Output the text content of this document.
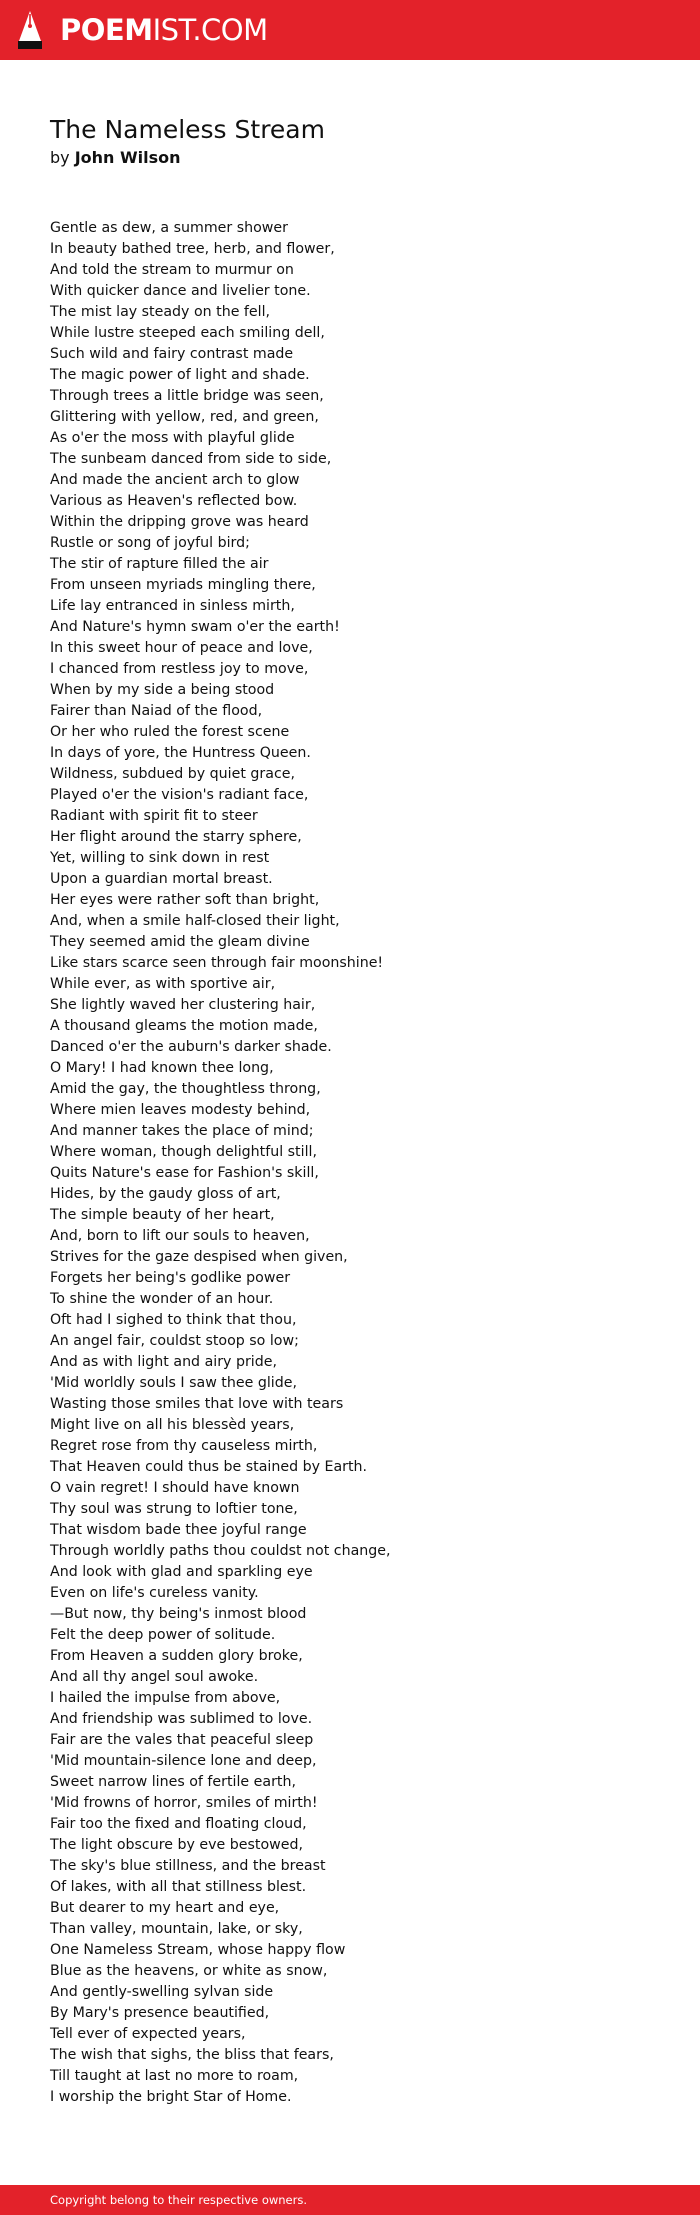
POEMIST.COM
The Nameless Stream
by John Wilson
Gentle as dew, a summer shower
In beauty bathed tree, herb, and flower,
And told the stream to murmur on
With quicker dance and livelier tone.
The mist lay steady on the fell,
While lustre steeped each smiling dell,
Such wild and fairy contrast made
The magic power of light and shade.
Through trees a little bridge was seen,
Glittering with yellow, red, and green,
As o'er the moss with playful glide
The sunbeam danced from side to side,
And made the ancient arch to glow
Various as Heaven's reflected bow.
Within the dripping grove was heard
Rustle or song of joyful bird;
The stir of rapture filled the air
From unseen myriads mingling there,
Life lay entranced in sinless mirth,
And Nature's hymn swam o'er the earth!
In this sweet hour of peace and love,
I chanced from restless joy to move,
When by my side a being stood
Fairer than Naiad of the flood,
Or her who ruled the forest scene
In days of yore, the Huntress Queen.
Wildness, subdued by quiet grace,
Played o'er the vision's radiant face,
Radiant with spirit fit to steer
Her flight around the starry sphere,
Yet, willing to sink down in rest
Upon a guardian mortal breast.
Her eyes were rather soft than bright,
And, when a smile half-closed their light,
They seemed amid the gleam divine
Like stars scarce seen through fair moonshine!
While ever, as with sportive air,
She lightly waved her clustering hair,
A thousand gleams the motion made,
Danced o'er the auburn's darker shade.
O Mary! I had known thee long,
Amid the gay, the thoughtless throng,
Where mien leaves modesty behind,
And manner takes the place of mind;
Where woman, though delightful still,
Quits Nature's ease for Fashion's skill,
Hides, by the gaudy gloss of art,
The simple beauty of her heart,
And, born to lift our souls to heaven,
Strives for the gaze despised when given,
Forgets her being's godlike power
To shine the wonder of an hour.
Oft had I sighed to think that thou,
An angel fair, couldst stoop so low;
And as with light and airy pride,
'Mid worldly souls I saw thee glide,
Wasting those smiles that love with tears
Might live on all his blessèd years,
Regret rose from thy causeless mirth,
That Heaven could thus be stained by Earth.
O vain regret! I should have known
Thy soul was strung to loftier tone,
That wisdom bade thee joyful range
Through worldly paths thou couldst not change,
And look with glad and sparkling eye
Even on life's cureless vanity.
—But now, thy being's inmost blood
Felt the deep power of solitude.
From Heaven a sudden glory broke,
And all thy angel soul awoke.
I hailed the impulse from above,
And friendship was sublimed to love.
Fair are the vales that peaceful sleep
'Mid mountain-silence lone and deep,
Sweet narrow lines of fertile earth,
'Mid frowns of horror, smiles of mirth!
Fair too the fixed and floating cloud,
The light obscure by eve bestowed,
The sky's blue stillness, and the breast
Of lakes, with all that stillness blest.
But dearer to my heart and eye,
Than valley, mountain, lake, or sky,
One Nameless Stream, whose happy flow
Blue as the heavens, or white as snow,
And gently-swelling sylvan side
By Mary's presence beautified,
Tell ever of expected years,
The wish that sighs, the bliss that fears,
Till taught at last no more to roam,
I worship the bright Star of Home.
Copyright belong to their respective owners.
